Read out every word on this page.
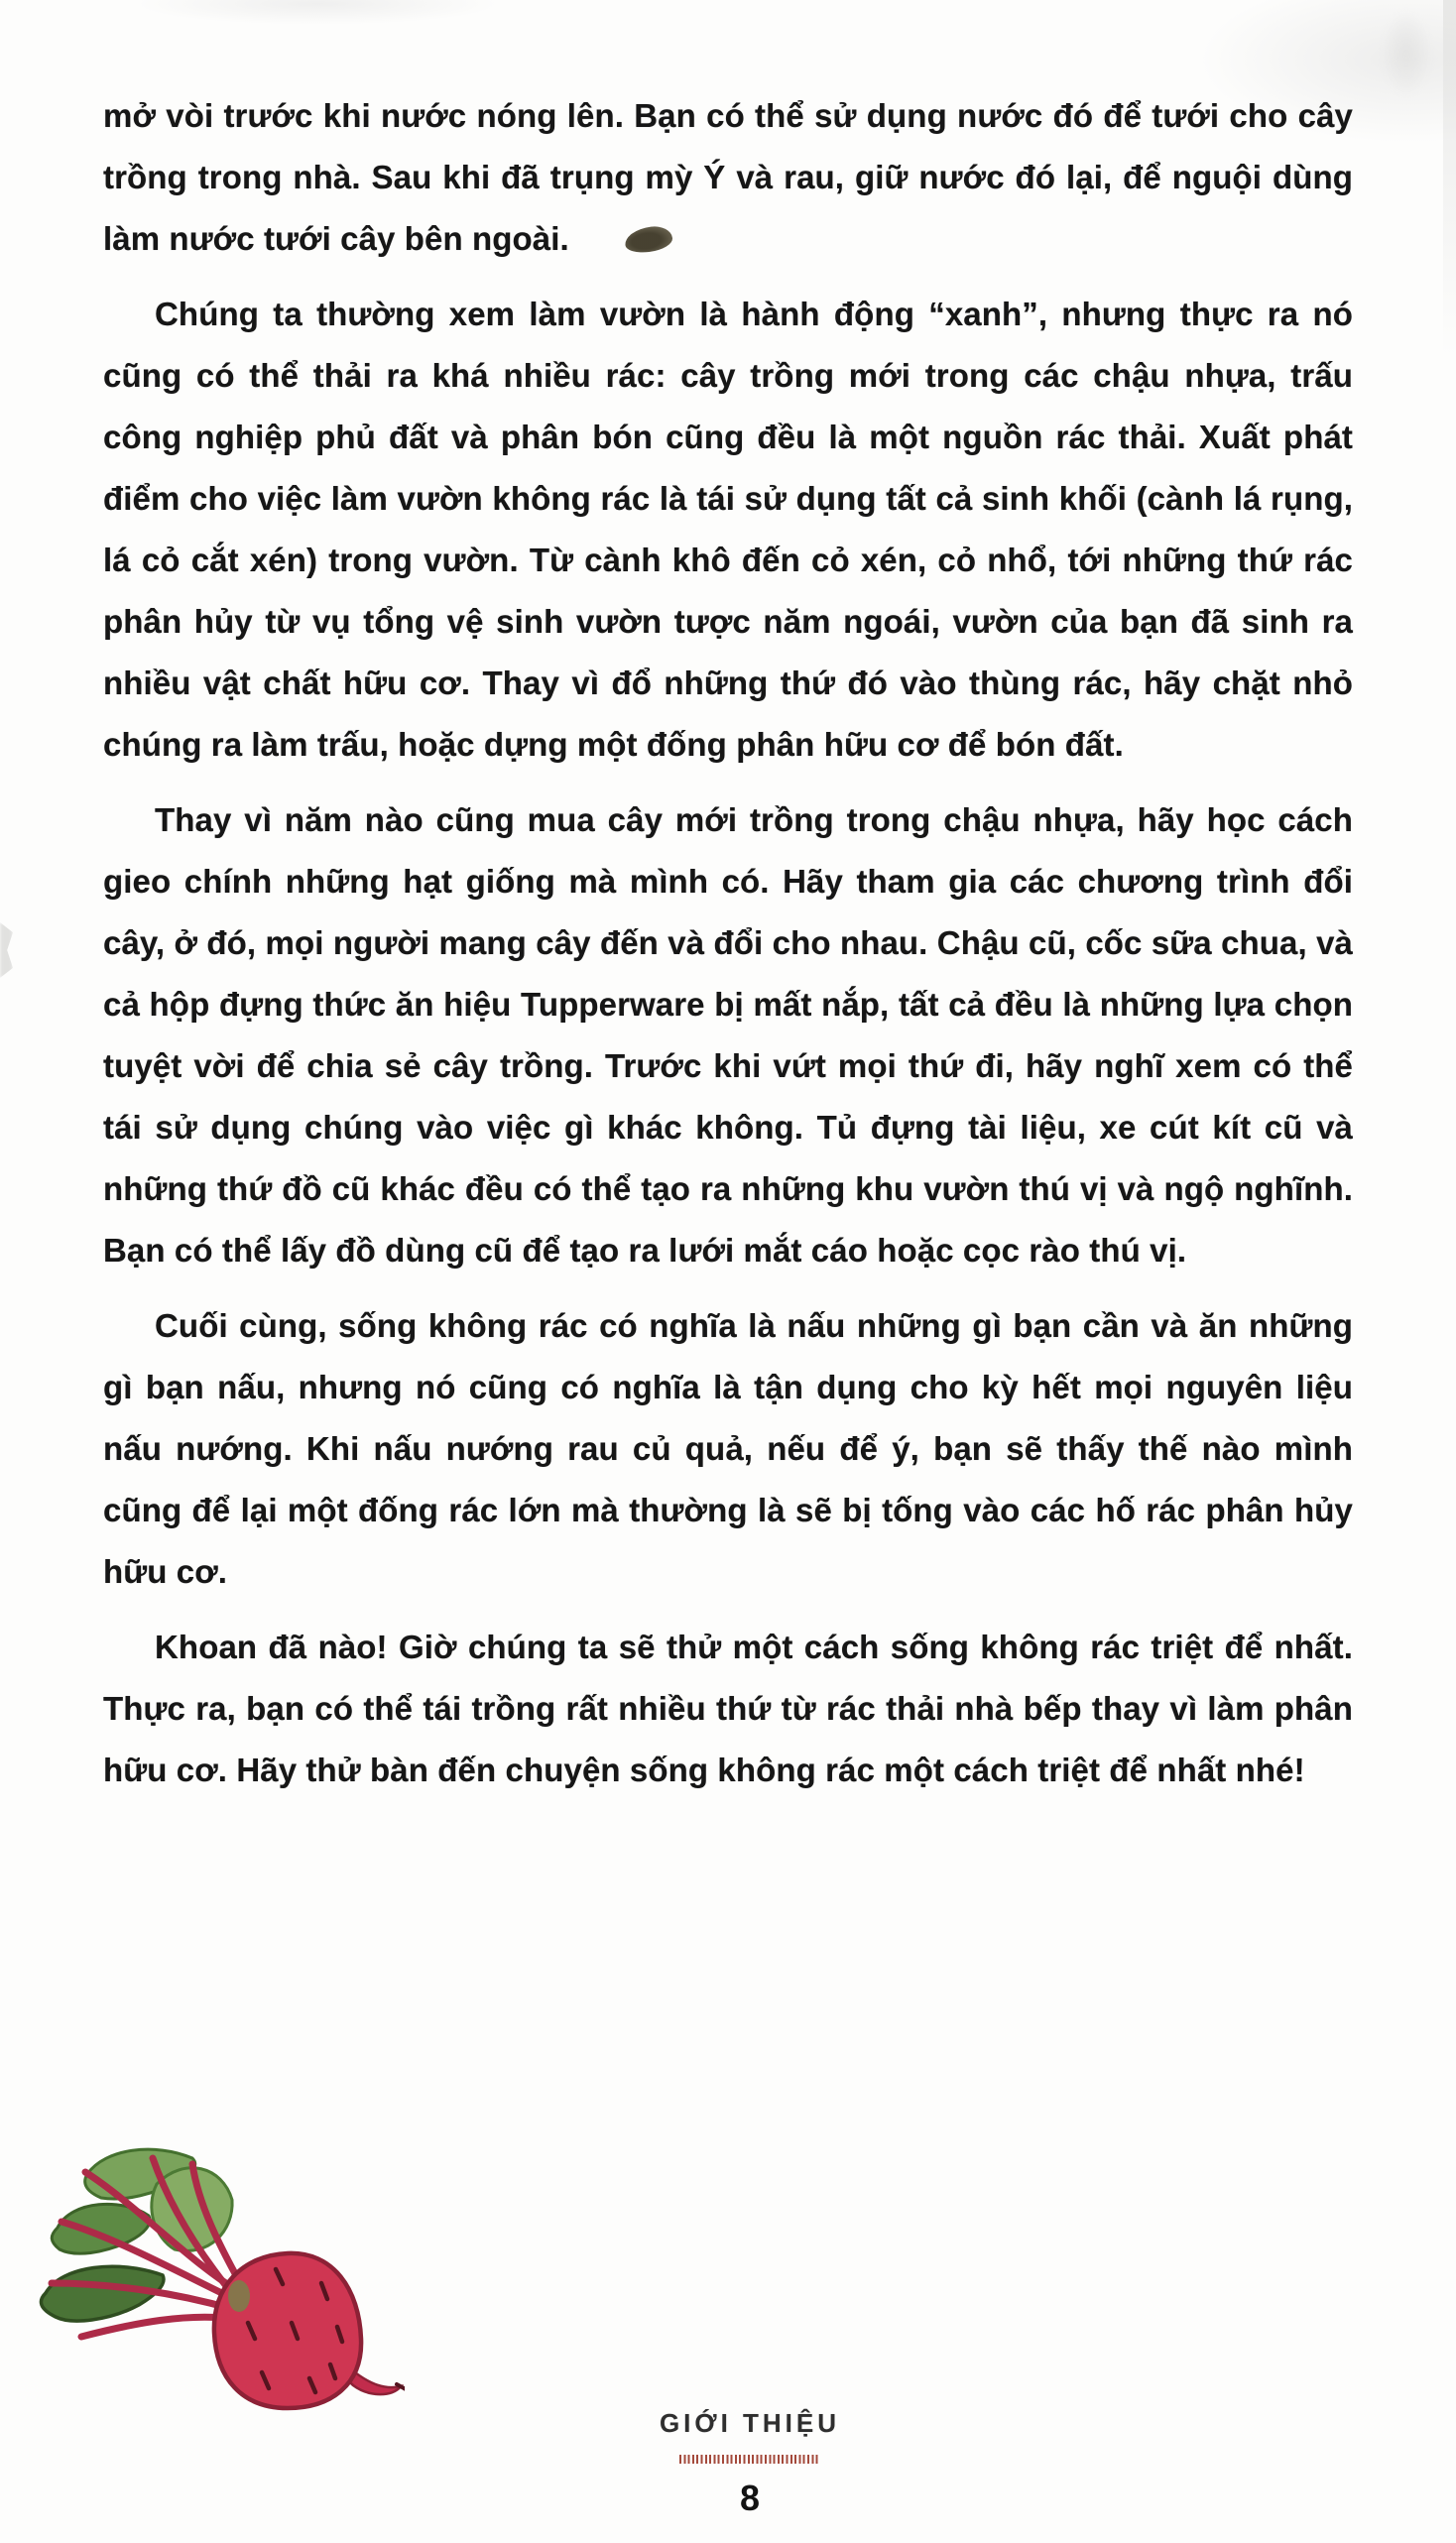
mở vòi trước khi nước nóng lên. Bạn có thể sử dụng nước đó để tưới cho cây trồng trong nhà. Sau khi đã trụng mỳ Ý và rau, giữ nước đó lại, để nguội dùng làm nước tưới cây bên ngoài.

Chúng ta thường xem làm vườn là hành động “xanh”, nhưng thực ra nó cũng có thể thải ra khá nhiều rác: cây trồng mới trong các chậu nhựa, trấu công nghiệp phủ đất và phân bón cũng đều là một nguồn rác thải. Xuất phát điểm cho việc làm vườn không rác là tái sử dụng tất cả sinh khối (cành lá rụng, lá cỏ cắt xén) trong vườn. Từ cành khô đến cỏ xén, cỏ nhổ, tới những thứ rác phân hủy từ vụ tổng vệ sinh vườn tược năm ngoái, vườn của bạn đã sinh ra nhiều vật chất hữu cơ. Thay vì đổ những thứ đó vào thùng rác, hãy chặt nhỏ chúng ra làm trấu, hoặc dựng một đống phân hữu cơ để bón đất.

Thay vì năm nào cũng mua cây mới trồng trong chậu nhựa, hãy học cách gieo chính những hạt giống mà mình có. Hãy tham gia các chương trình đổi cây, ở đó, mọi người mang cây đến và đổi cho nhau. Chậu cũ, cốc sữa chua, và cả hộp đựng thức ăn hiệu Tupperware bị mất nắp, tất cả đều là những lựa chọn tuyệt vời để chia sẻ cây trồng. Trước khi vứt mọi thứ đi, hãy nghĩ xem có thể tái sử dụng chúng vào việc gì khác không. Tủ đựng tài liệu, xe cút kít cũ và những thứ đồ cũ khác đều có thể tạo ra những khu vườn thú vị và ngộ nghĩnh. Bạn có thể lấy đồ dùng cũ để tạo ra lưới mắt cáo hoặc cọc rào thú vị.

Cuối cùng, sống không rác có nghĩa là nấu những gì bạn cần và ăn những gì bạn nấu, nhưng nó cũng có nghĩa là tận dụng cho kỳ hết mọi nguyên liệu nấu nướng. Khi nấu nướng rau củ quả, nếu để ý, bạn sẽ thấy thế nào mình cũng để lại một đống rác lớn mà thường là sẽ bị tống vào các hố rác phân hủy hữu cơ.

Khoan đã nào! Giờ chúng ta sẽ thử một cách sống không rác triệt để nhất. Thực ra, bạn có thể tái trồng rất nhiều thứ từ rác thải nhà bếp thay vì làm phân hữu cơ. Hãy thử bàn đến chuyện sống không rác một cách triệt để nhất nhé!

GIỚI THIỆU
8
